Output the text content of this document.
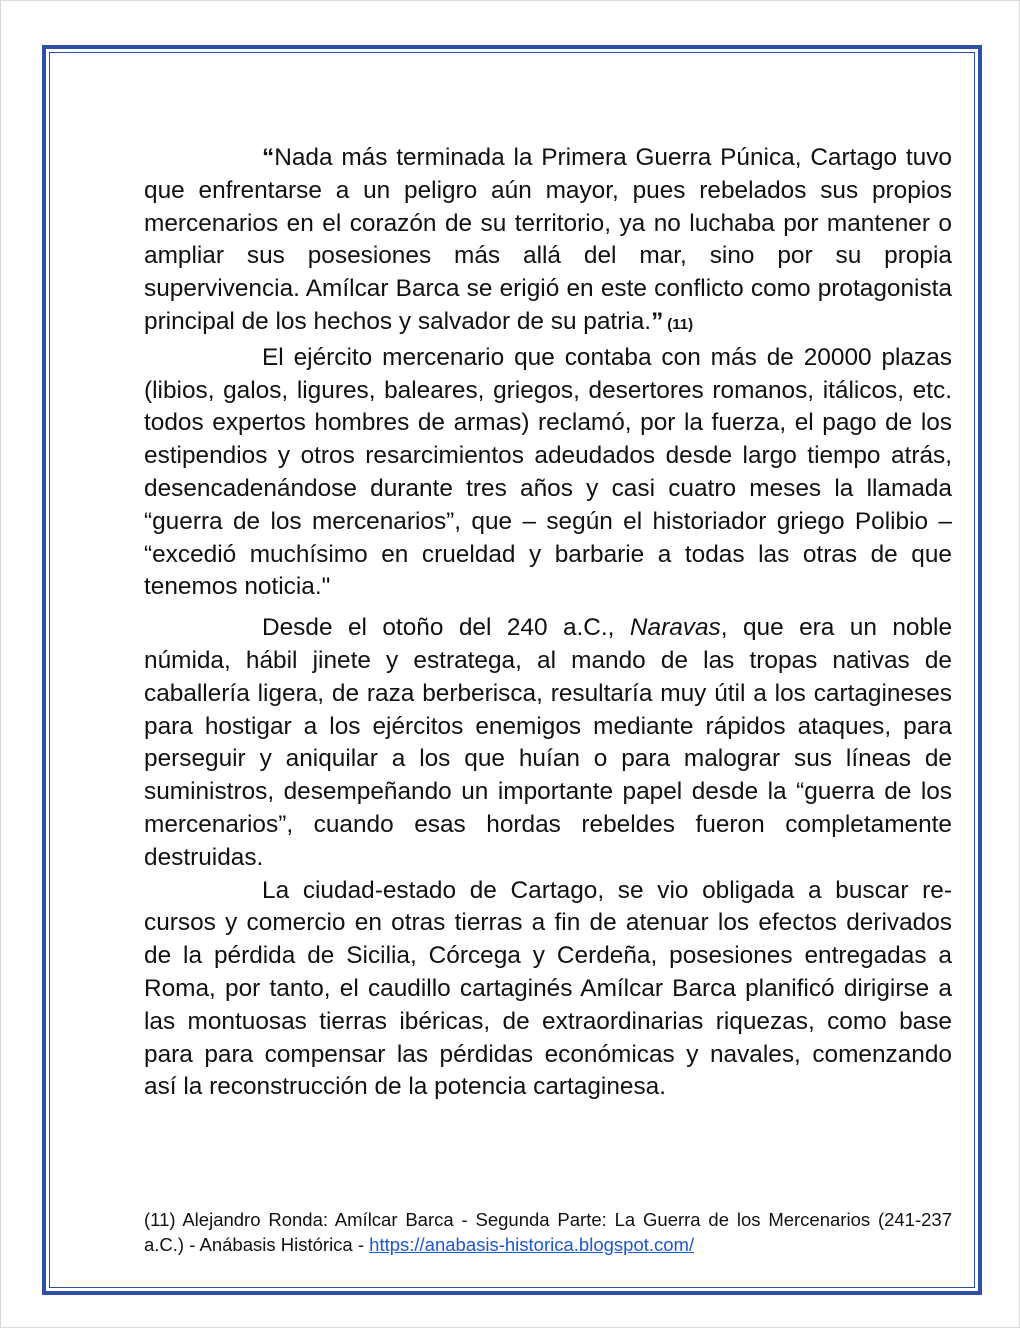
“Nada más terminada la Primera Guerra Púnica, Cartago tuvo que enfrentarse a un peligro aún mayor, pues rebelados sus propios mercenarios en el corazón de su territorio, ya no luchaba por mantener o ampliar sus posesiones más allá del mar, sino por su propia supervivencia. Amílcar Barca se erigió en este conflicto como protagonista principal de los hechos y salvador de su patria.” (11)

El ejército mercenario que contaba con más de 20000 plazas (libios, galos, ligures, baleares, griegos, desertores romanos, itálicos, etc. todos expertos hombres de armas) reclamó, por la fuerza, el pago de los estipendios y otros resarcimientos adeudados desde largo tiempo atrás, desencadenándose durante tres años y casi cuatro meses la llamada “guerra de los mercenarios”, que – según el historiador griego Polibio – “excedió muchísimo en crueldad y barbarie a todas las otras de que tenemos noticia."

Desde el otoño del 240 a.C., Naravas, que era un noble númida, hábil jinete y estratega, al mando de las tropas nativas de caballería ligera, de raza berberisca, resultaría muy útil a los cartagineses para hostigar a los ejércitos enemigos mediante rápidos ataques, para perseguir y aniquilar a los que huían o para malograr sus líneas de suministros, desempeñando un importante papel desde la “guerra de los mercenarios”, cuando esas hordas rebeldes fueron completamente destruidas.

La ciudad-estado de Cartago, se vio obligada a buscar recursos y comercio en otras tierras a fin de atenuar los efectos derivados de la pérdida de Sicilia, Córcega y Cerdeña, posesiones entregadas a Roma, por tanto, el caudillo cartaginés Amílcar Barca planificó dirigirse a las montuosas tierras ibéricas, de extraordinarias riquezas, como base para para compensar las pérdidas económicas y navales, comenzando así la reconstrucción de la potencia cartaginesa.

(11) Alejandro Ronda: Amílcar Barca - Segunda Parte: La Guerra de los Mercenarios (241-237 a.C.) - Anábasis Histórica - https://anabasis-historica.blogspot.com/
